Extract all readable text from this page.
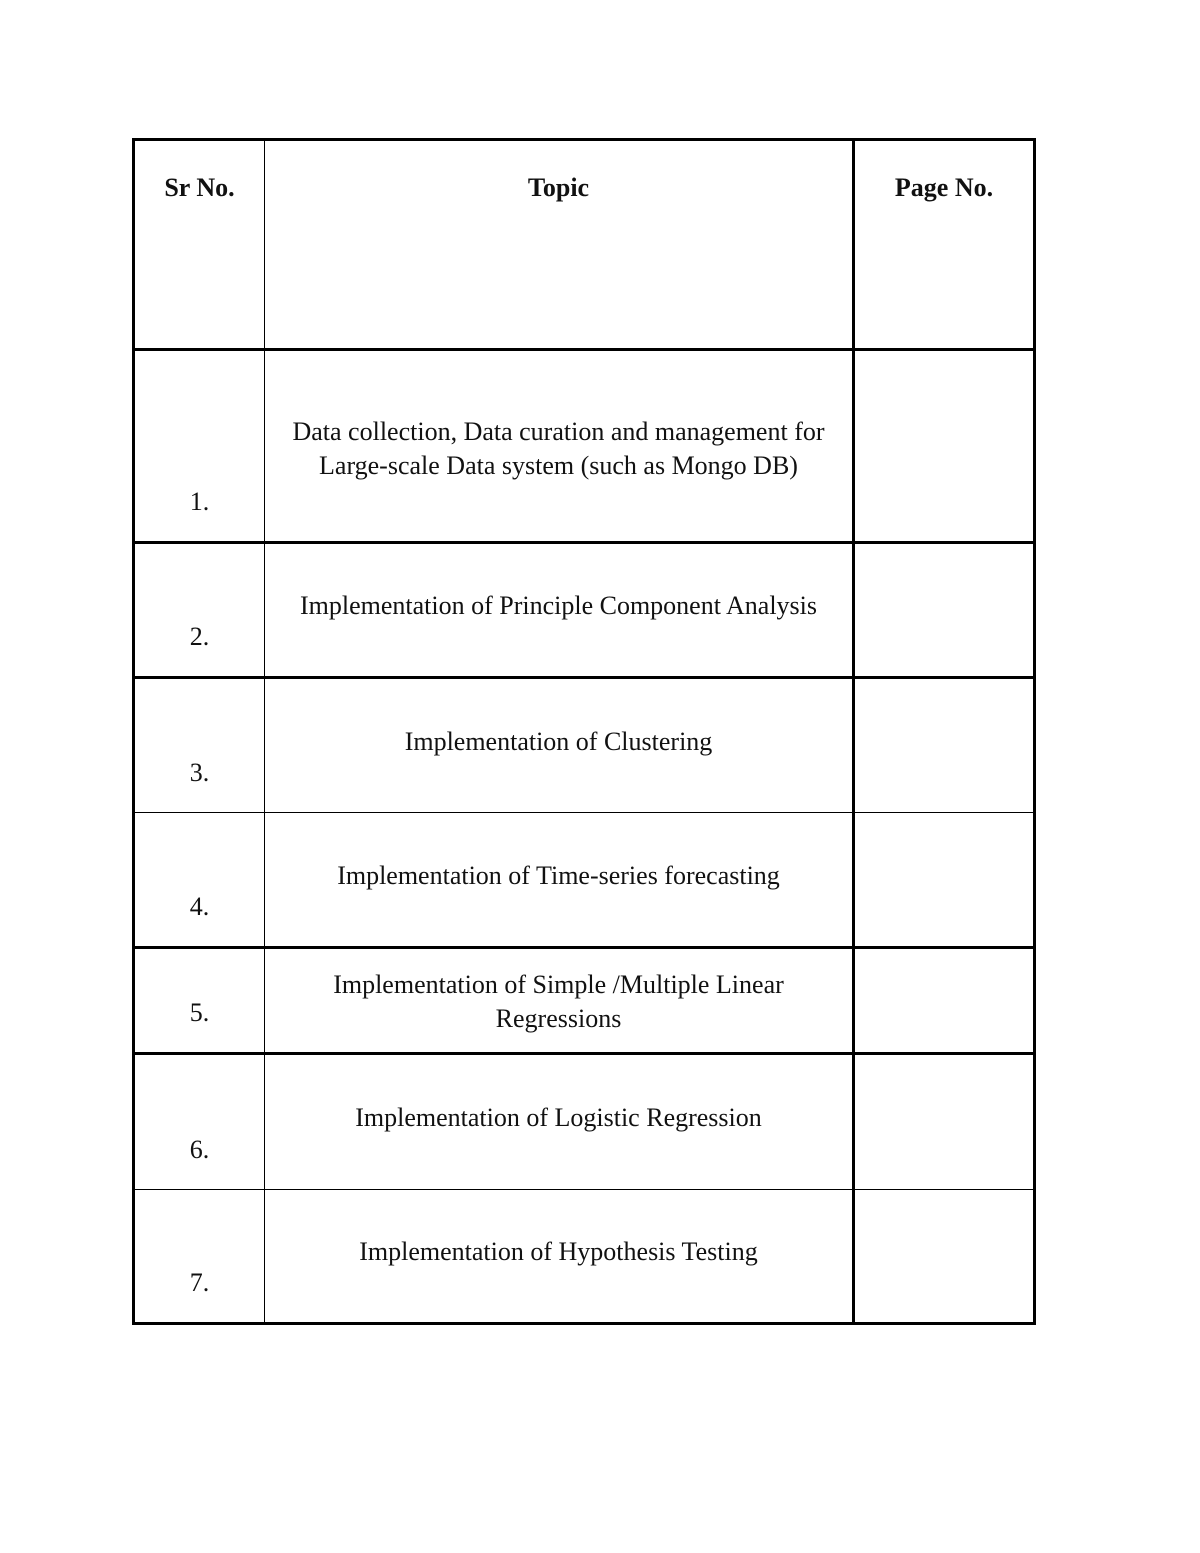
Sr No.	Topic	Page No.
1.	Data collection, Data curation and management for Large-scale Data system (such as Mongo DB)	
2.	Implementation of Principle Component Analysis	
3.	Implementation of Clustering	
4.	Implementation of Time-series forecasting	
5.	Implementation of Simple /Multiple Linear Regressions	
6.	Implementation of Logistic Regression	
7.	Implementation of Hypothesis Testing	
